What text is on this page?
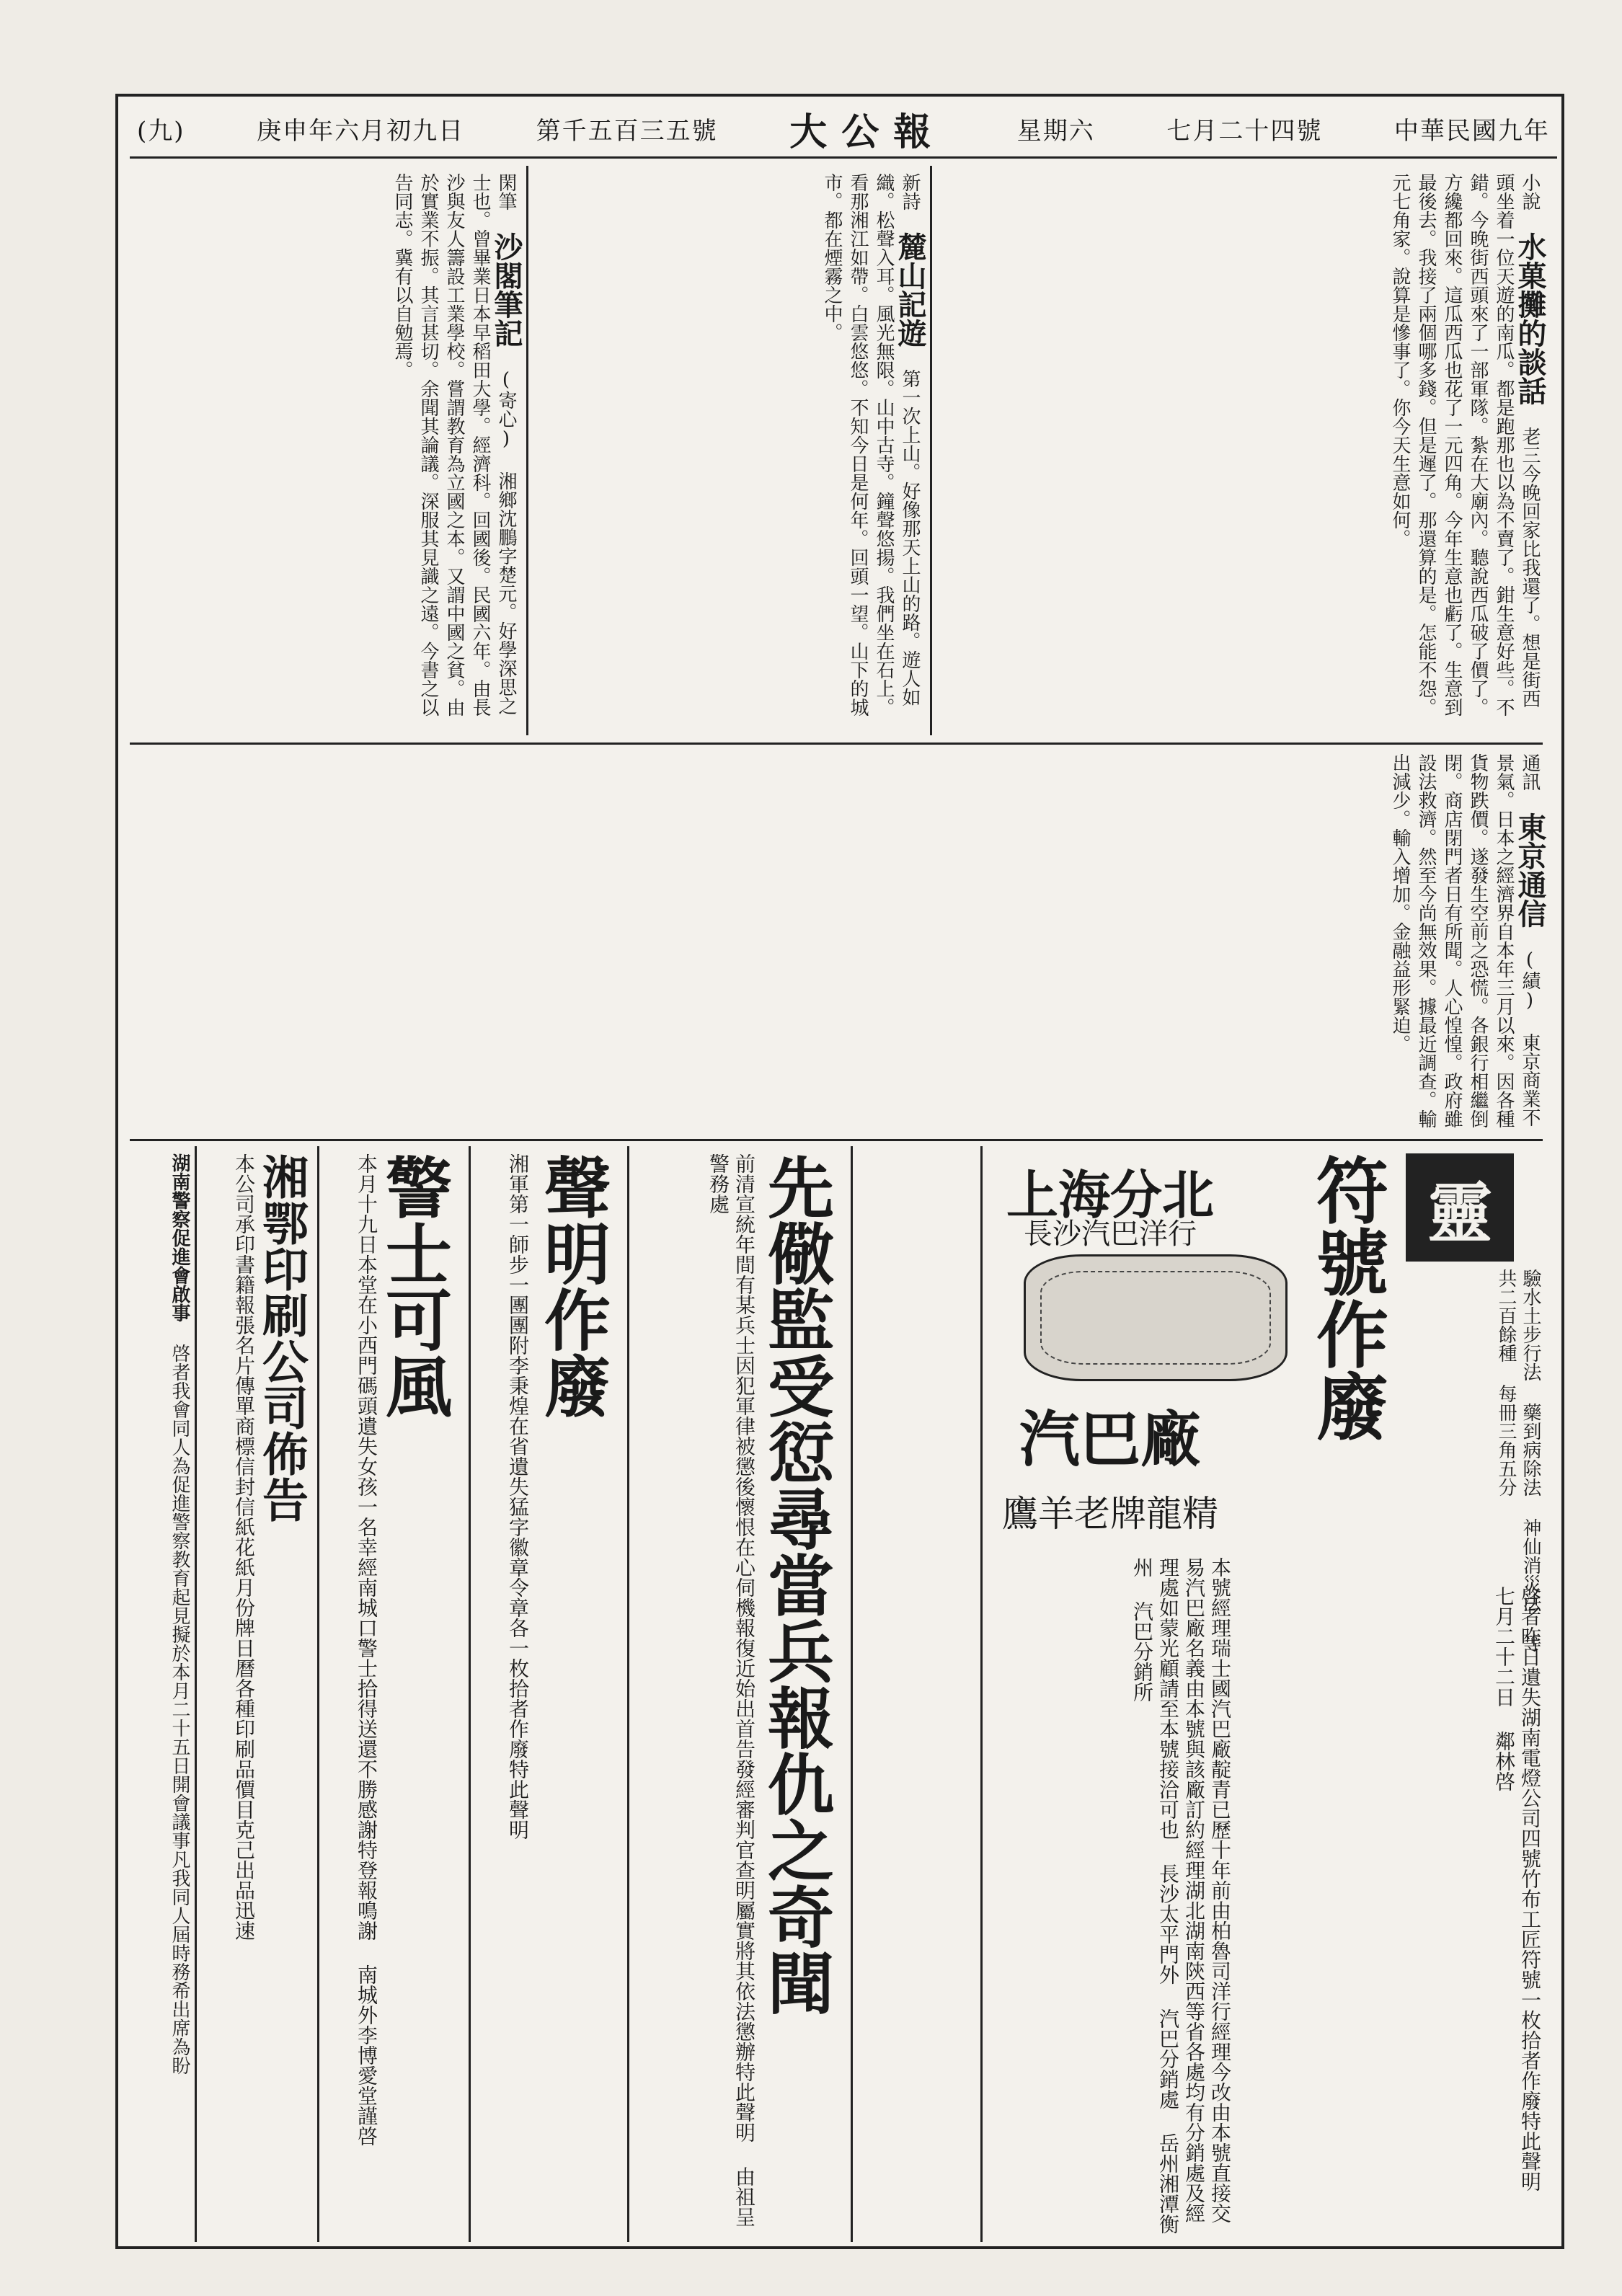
中華民國九年
七月二十四號
星期六
大公報
第千五百三五號
庚申年六月初九日
(九)
小說 水菓攤的談話 老三今晚回家比我還了。想是街西頭坐着一位天遊的南瓜。都是跑那也以為不賣了。鉗生意好些。不錯。今晚街西頭來了一部軍隊。紮在大廟內。聽說西瓜破了價了。方纔都回來。這瓜西瓜也花了一元四角。今年生意也虧了。生意到最後去。我接了兩個哪多錢。但是遲了。那還算的是。怎能不怨。元七角家。說算是慘事了。你今天生意如何。
新詩 麓山記遊 第一次上山。好像那天上山的路。遊人如織。松聲入耳。風光無限。山中古寺。鐘聲悠揚。我們坐在石上。看那湘江如帶。白雲悠悠。不知今日是何年。回頭一望。山下的城市。都在煙霧之中。
閑筆 沙閣筆記 (寄心) 湘鄉沈鵬字楚元。好學深思之士也。曾畢業日本早稻田大學。經濟科。回國後。民國六年。由長沙與友人籌設工業學校。嘗謂教育為立國之本。又謂中國之貧。由於實業不振。其言甚切。余聞其論議。深服其見識之遠。今書之以告同志。冀有以自勉焉。
通訊 東京通信 (績) 東京商業不景氣。日本之經濟界自本年三月以來。因各種貨物跌價。遂發生空前之恐慌。各銀行相繼倒閉。商店閉門者日有所聞。人心惶惶。政府雖設法救濟。然至今尚無效果。據最近調查。輸出減少。輸入增加。金融益形緊迫。
靈
符號作廢	驗水土步行法 藥到病除法 神仙消災法 等共二百餘種 每冊三角五分
啓者昨日遺失湖南電燈公司四號竹布工匠符號一枚拾者作廢特此聲明 七月二十二日 鄰林啓
上海分北
長沙汽巴洋行
汽巴廠
鷹羊老牌龍精
本號經理瑞士國汽巴廠靛青已歷十年前由柏魯司洋行經理今改由本號直接交易汽巴廠名義由本號與該廠訂約經理湖北湖南陝西等省各處均有分銷處及經理處如蒙光顧請至本號接洽可也 長沙太平門外 汽巴分銷處 岳州湘潭衡州 汽巴分銷所
先儆監受愆尋當兵報仇之奇聞
前清宣統年間有某兵士因犯軍律被懲後懷恨在心伺機報復近始出首告發經審判官查明屬實將其依法懲辦特此聲明 由祖呈 警務處
聲明作廢
湘軍第一師步一團團附李秉煌在省遺失猛字徽章令章各一枚拾者作廢特此聲明
警士可風
本月十九日本堂在小西門碼頭遺失女孩一名幸經南城口警士拾得送還不勝感謝特登報鳴謝 南城外李博愛堂謹啓
湘鄂印刷公司佈告
本公司承印書籍報張名片傳單商標信封信紙花紙月份牌日曆各種印刷品價目克己出品迅速
湖南警察促進會啟事 啓者我會同人為促進警察教育起見擬於本月二十五日開會議事凡我同人屆時務希出席為盼
